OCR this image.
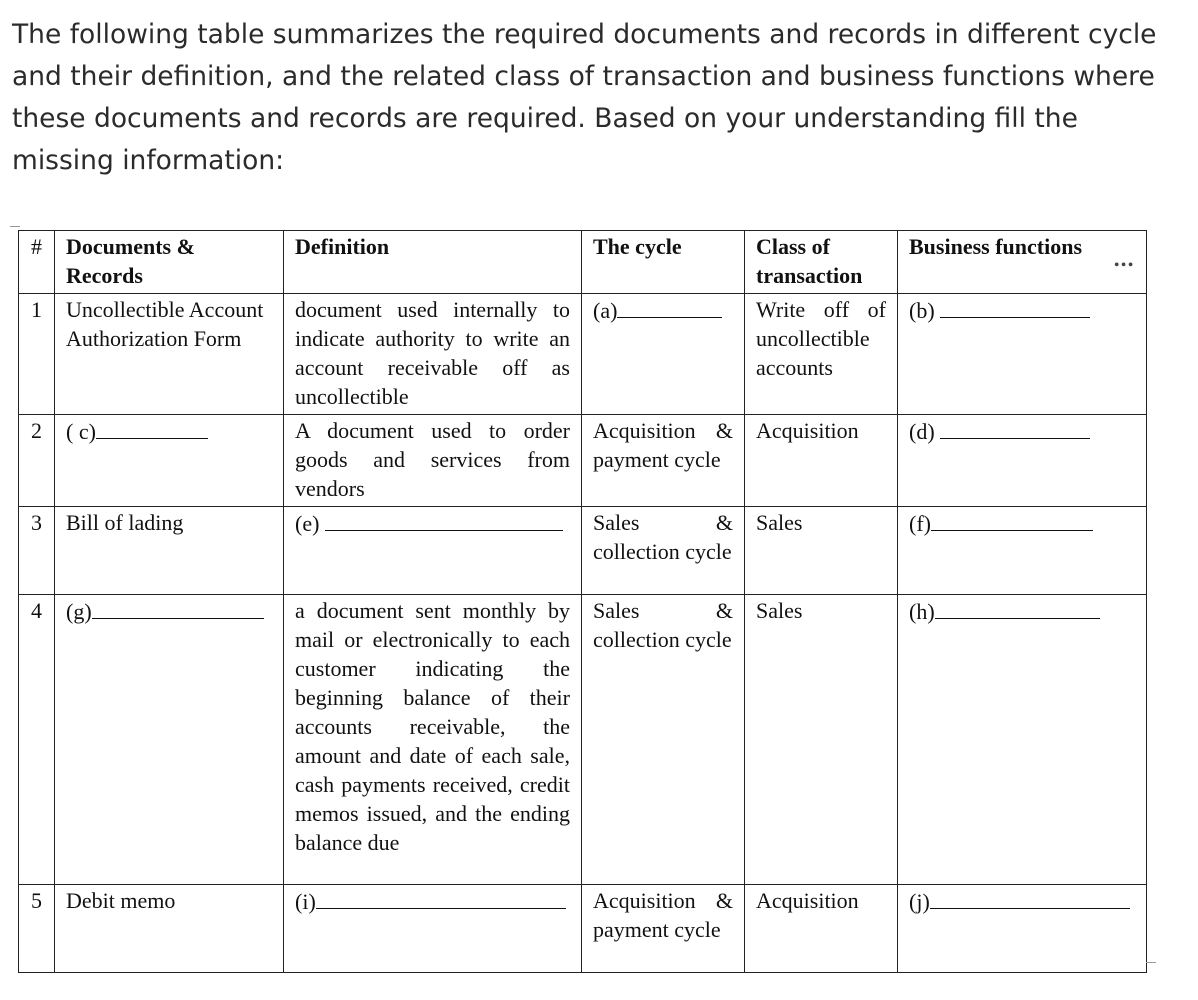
The following table summarizes the required documents and records in different cycle and their definition, and the related class of transaction and business functions where these documents and records are required. Based on your understanding fill the missing information:

#	Documents & Records	Definition	The cycle	Class of transaction	Business functions
•••

1	Uncollectible Account Authorization Form	document used internally to indicate authority to write an account receivable off as uncollectible	(a)	Write off of uncollectible accounts	(b)
2	( c)	A document used to order goods and services from vendors	Acquisition & payment cycle	Acquisition	(d)
3	Bill of lading	(e)	Sales & collection cycle	Sales	(f)
4	(g)	a document sent monthly by mail or electronically to each customer indicating the beginning balance of their accounts receivable, the amount and date of each sale, cash payments received, credit memos issued, and the ending balance due	Sales & collection cycle	Sales	(h)
5	Debit memo	(i)	Acquisition & payment cycle	Acquisition	(j)
